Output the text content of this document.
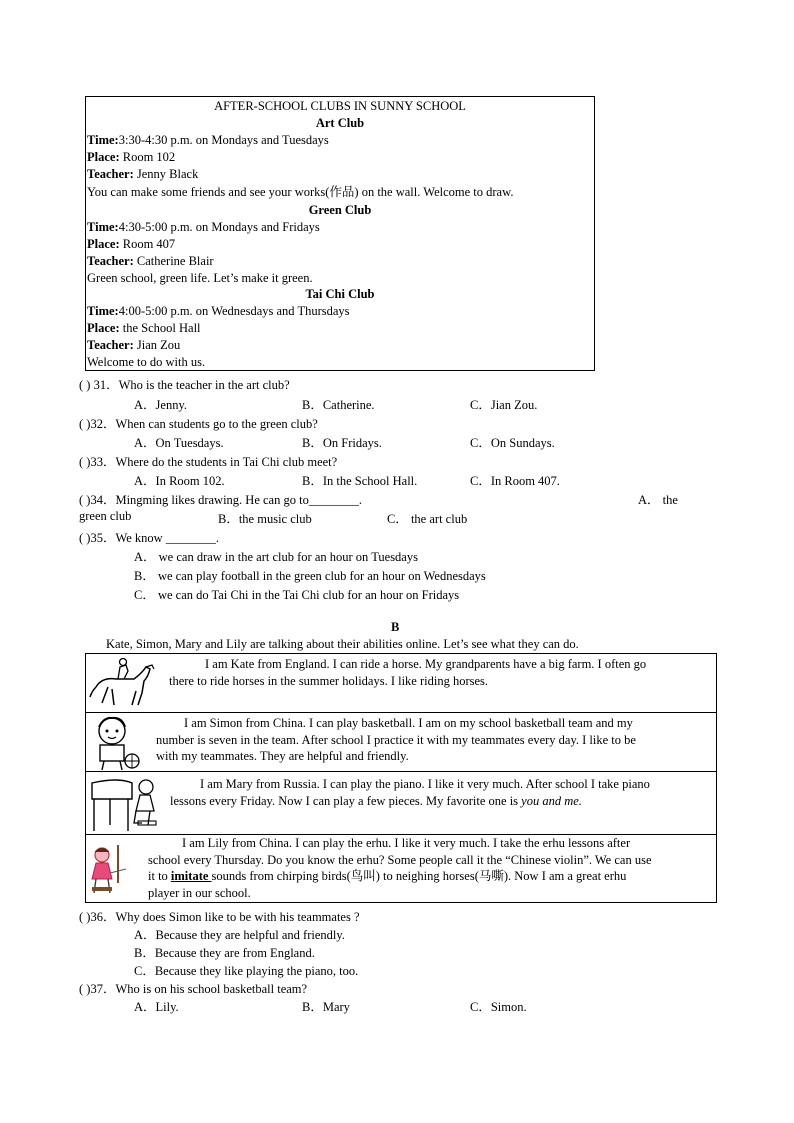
AFTER-SCHOOL CLUBS IN SUNNY SCHOOL
Art Club
Time:3:30-4:30 p.m. on Mondays and Tuesdays
Place: Room 102
Teacher: Jenny Black
You can make some friends and see your works(作品) on the wall. Welcome to draw.
Green Club
Time:4:30-5:00 p.m. on Mondays and Fridays
Place: Room 407
Teacher: Catherine Blair
Green school, green life. Let’s make it green.
Tai Chi Club
Time:4:00-5:00 p.m. on Wednesdays and Thursdays
Place: the School Hall
Teacher: Jian Zou
Welcome to do with us.
( ) 31．Who is the teacher in the art club?
A．Jenny.	B．Catherine.	C．Jian Zou.
( )32．When can students go to the green club?
A．On Tuesdays.	B．On Fridays.	C．On Sundays.
( )33．Where do the students in Tai Chi club meet?
A．In Room 102.	B．In the School Hall.	C．In Room 407.
( )34．Mingming likes drawing. He can go to________.	A． the
green club	B．the music club	C． the art club
( )35．We know ________.
A． we can draw in the art club for an hour on Tuesdays
B． we can play football in the green club for an hour on Wednesdays
C． we can do Tai Chi in the Tai Chi club for an hour on Fridays
B
Kate, Simon, Mary and Lily are talking about their abilities online. Let’s see what they can do.
I am Kate from England. I can ride a horse. My grandparents have a big farm. I often go
there to ride horses in the summer holidays. I like riding horses.
I am Simon from China. I can play basketball. I am on my school basketball team and my
number is seven in the team. After school I practice it with my teammates every day. I like to be
with my teammates. They are helpful and friendly.
I am Mary from Russia. I can play the piano. I like it very much. After school I take piano
lessons every Friday. Now I can play a few pieces. My favorite one is you and me.
I am Lily from China. I can play the erhu. I like it very much. I take the erhu lessons after
school every Thursday. Do you know the erhu? Some people call it the “Chinese violin”. We can use
it to imitate sounds from chirping birds(鸟叫) to neighing horses(马嘶). Now I am a great erhu
player in our school.
( )36．Why does Simon like to be with his teammates ?
A．Because they are helpful and friendly.
B．Because they are from England.
C．Because they like playing the piano, too.
( )37．Who is on his school basketball team?
A．Lily.	B．Mary	C．Simon.
